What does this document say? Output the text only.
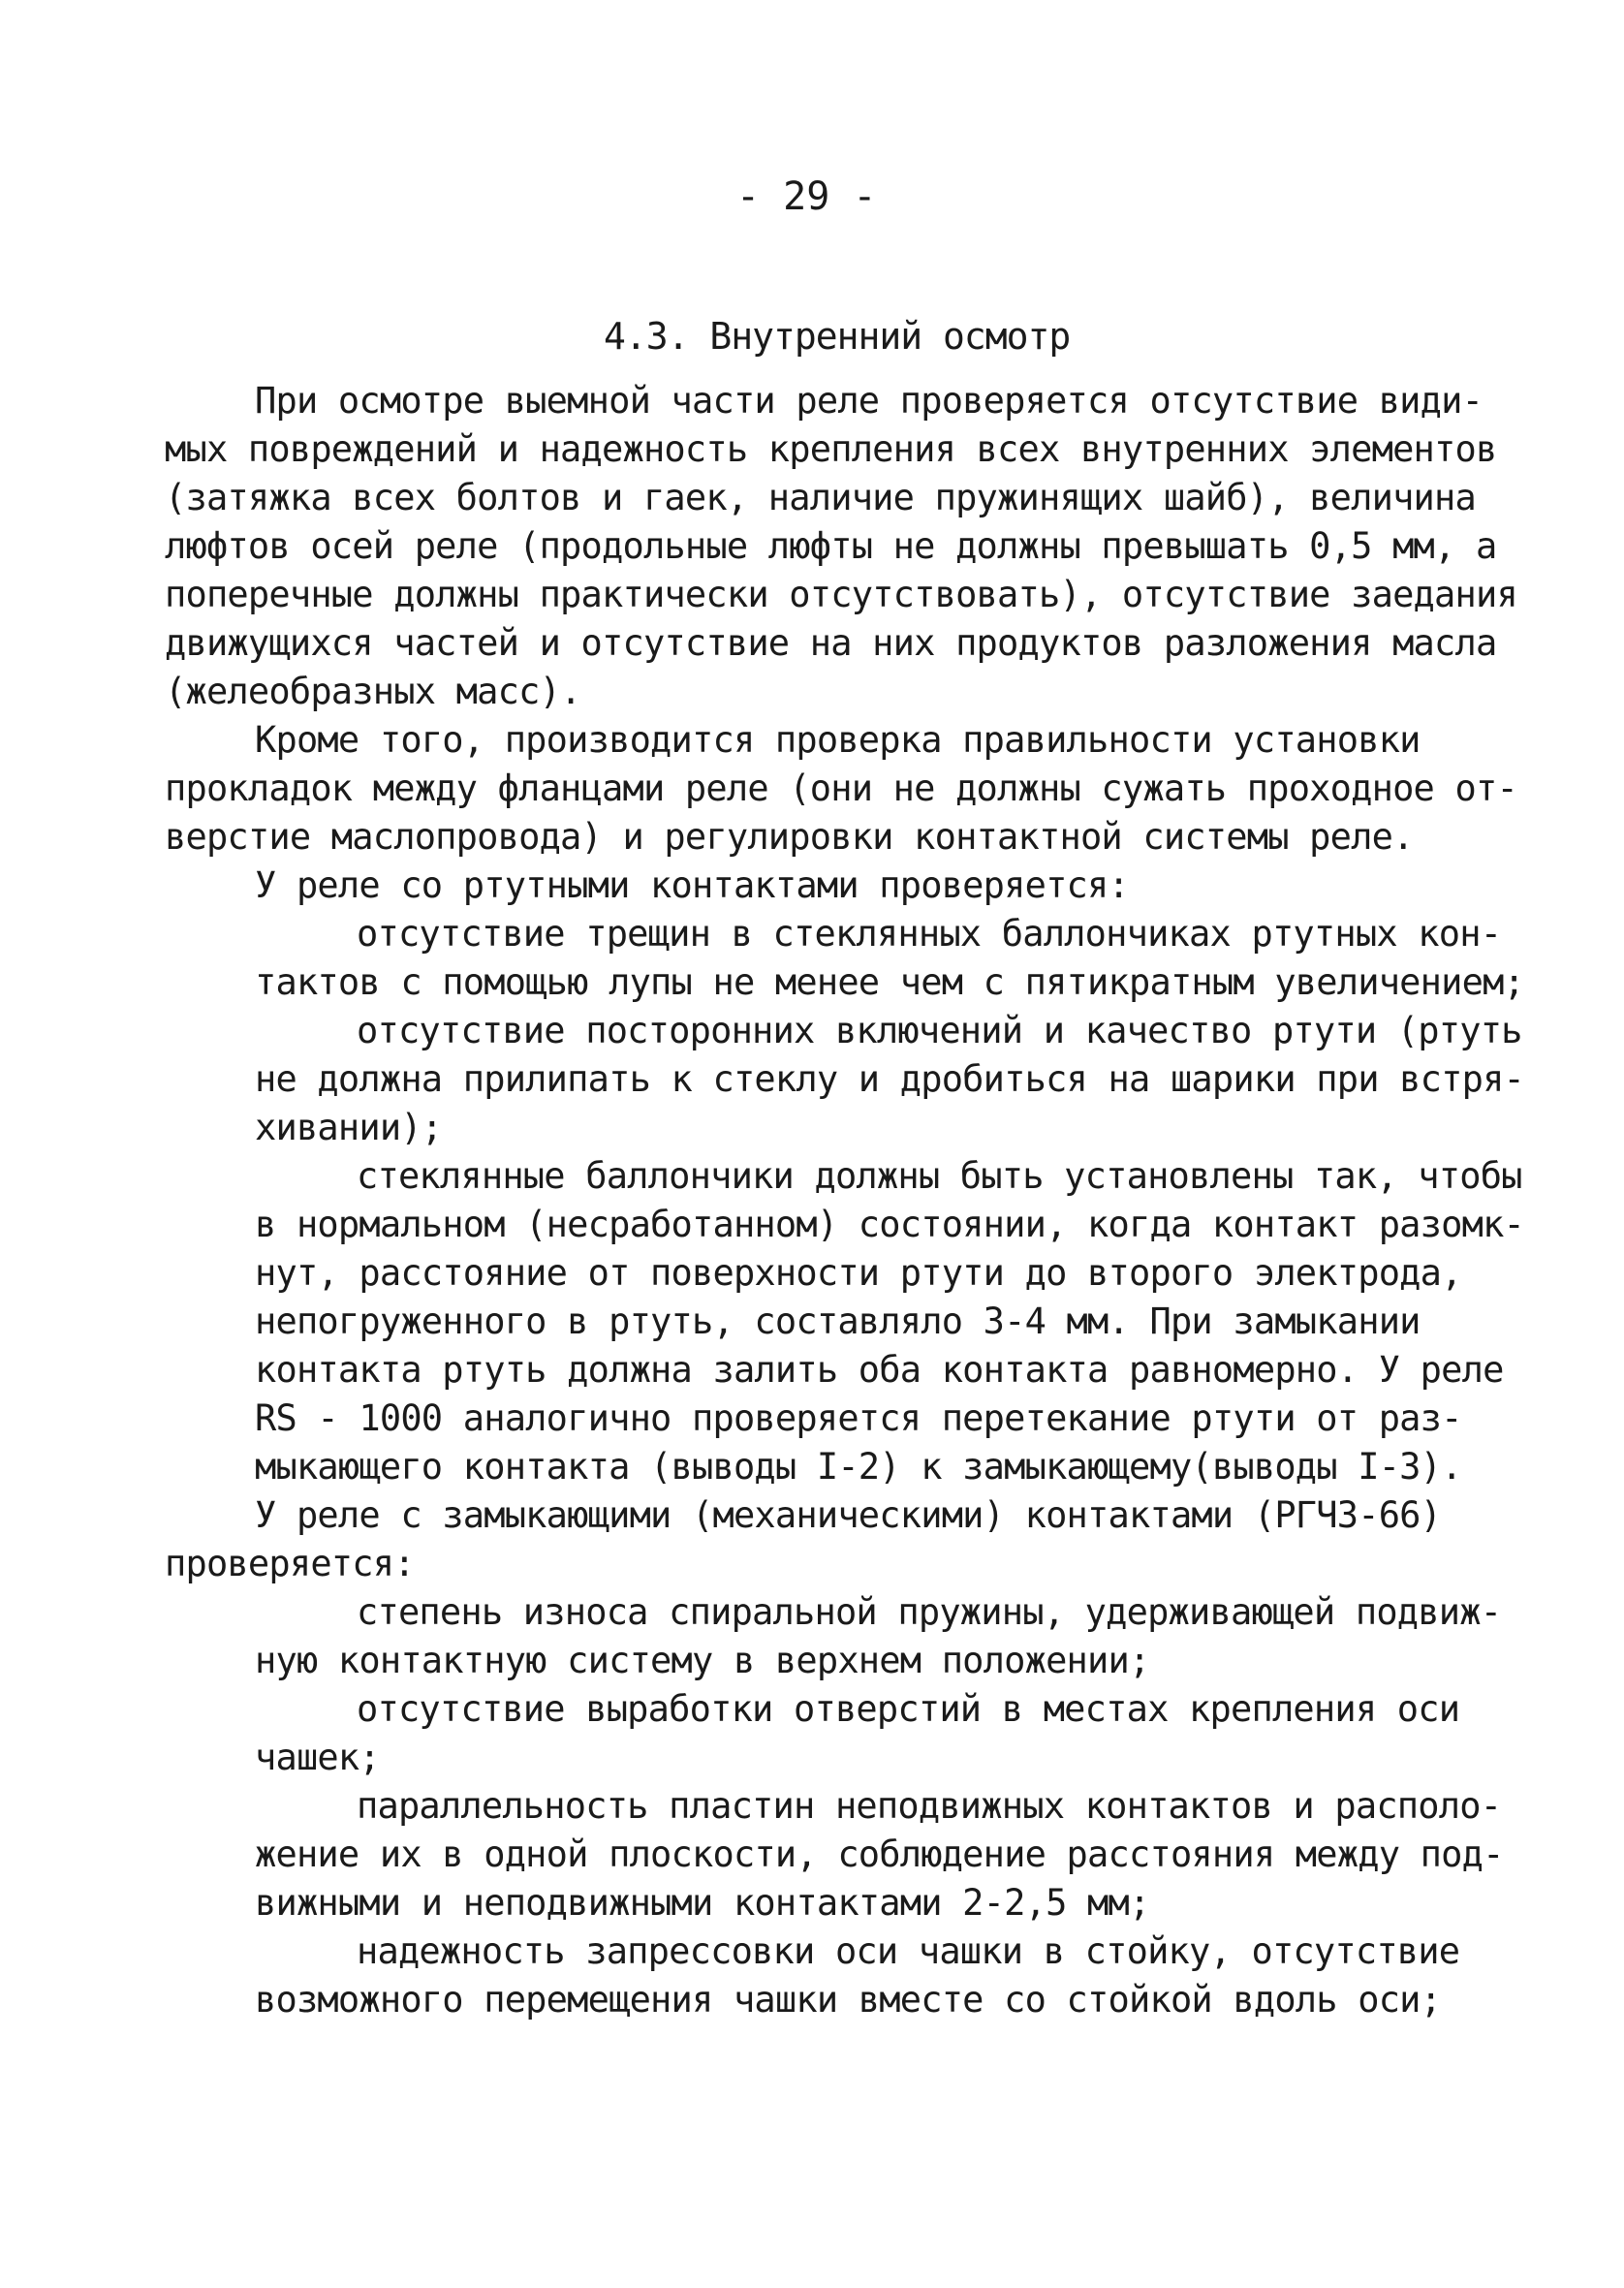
- 29 -
4.3. Внутренний осмотр
При осмотре выемной части реле проверяется отсутствие види-
мых повреждений и надежность крепления всех внутренних элементов
(затяжка всех болтов и гаек, наличие пружинящих шайб), величина
люфтов осей реле (продольные люфты не должны превышать 0,5 мм, а
поперечные должны практически отсутствовать), отсутствие заедания
движущихся частей и отсутствие на них продуктов разложения масла
(желеобразных масс).
Кроме того, производится проверка правильности установки
прокладок между фланцами реле (они не должны сужать проходное от-
верстие маслопровода) и регулировки контактной системы реле.
У реле со ртутными контактами проверяется:
отсутствие трещин в стеклянных баллончиках ртутных кон-
тактов с помощью лупы не менее чем с пятикратным увеличением;
отсутствие посторонних включений и качество ртути (ртуть
не должна прилипать к стеклу и дробиться на шарики при встря-
хивании);
стеклянные баллончики должны быть установлены так, чтобы
в нормальном (несработанном) состоянии, когда контакт разомк-
нут, расстояние от поверхности ртути до второго электрода,
непогруженного в ртуть, составляло 3-4 мм. При замыкании
контакта ртуть должна залить оба контакта равномерно. У реле
RS - 1000 аналогично проверяется перетекание ртути от раз-
мыкающего контакта (выводы I-2) к замыкающему(выводы I-3).
У реле с замыкающими (механическими) контактами (РГЧЗ-66)
проверяется:
степень износа спиральной пружины, удерживающей подвиж-
ную контактную систему в верхнем положении;
отсутствие выработки отверстий в местах крепления оси
чашек;
параллельность пластин неподвижных контактов и располо-
жение их в одной плоскости, соблюдение расстояния между под-
вижными и неподвижными контактами 2-2,5 мм;
надежность запрессовки оси чашки в стойку, отсутствие
возможного перемещения чашки вместе со стойкой вдоль оси;
